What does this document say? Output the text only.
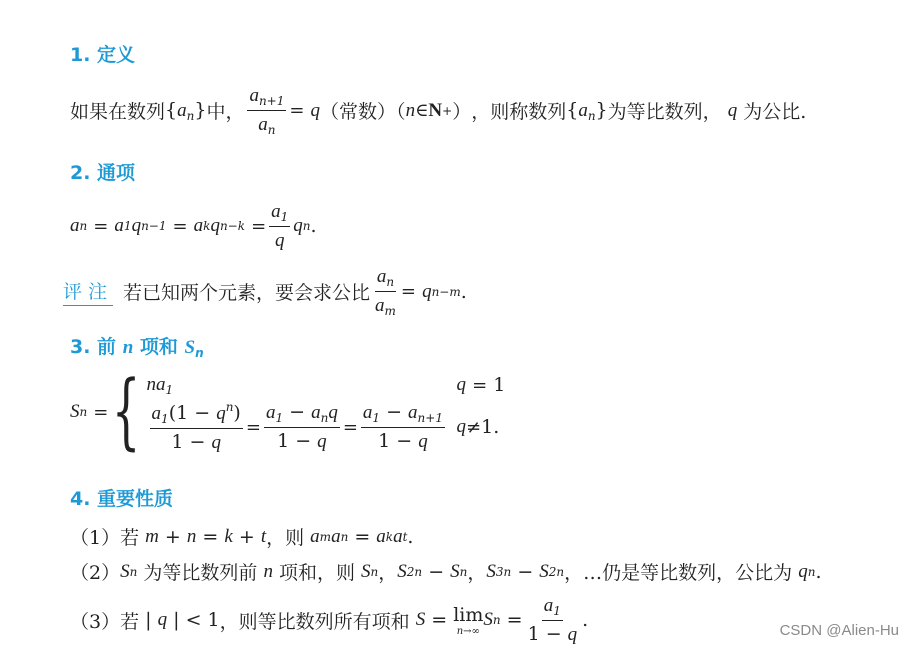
1. 定义
如果在数列 $\{a_n\}$ 中， $\frac{a_{n+1}}{a_n}$ =
q （ 常数 ）（ n ∈ N + ） ，则称数列 $\{a_n\}$ 为等比数列，
q
为公比.
2. 通项
a n
=
a 1 q n−1
=
a k q n−k
= $\frac{a_1}{q}$ q n .
评注 若已知两个元素，要会求公比 $\frac{a_n}{a_m}$ =
q n−m .
3. 前 n 项和 $S_n$
S n
= { $na_1$	q
= 1
$\frac{a_1(1 - q^n)}{1 - q} = \frac{a_1 - a_nq}{1 - q} = \frac{a_1 - a_{n+1}}{1 - q}$ q ≠ 1.
4. 重要性质
（1） 若
m + n = k + t ，则
a m a n = a k a t .
（2） S n
为等比数列前
n
项和，则
S n ， S 2n − S n ， S 3n − S 2n ，…仍是等比数列，公比为
q n .
（3） 若 | q | < 1 ，则等比数列所有项和
S = lim
n→∞
S $n = \frac{a_1}{1 - q}$ .	CSDN @Alien-Hu
